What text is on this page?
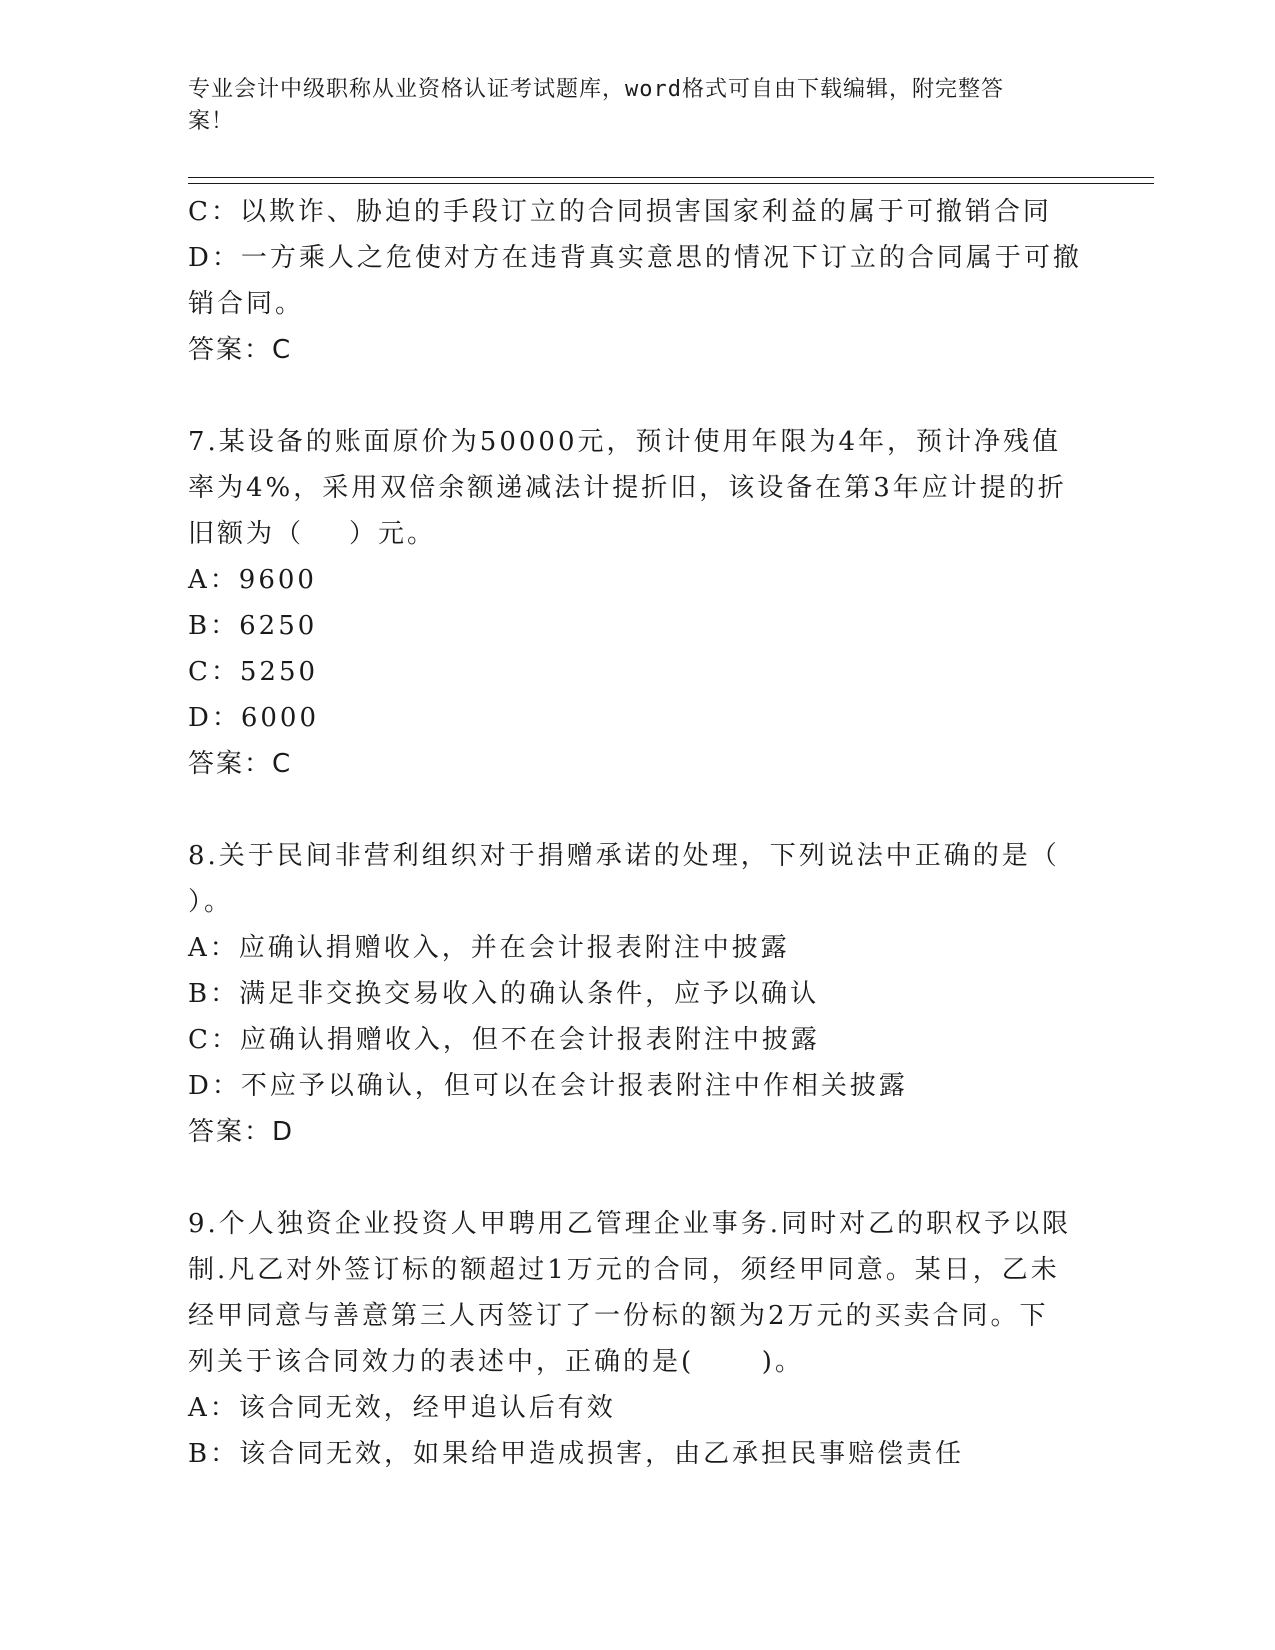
专业会计中级职称从业资格认证考试题库，word格式可自由下载编辑，附完整答
案！
C：以欺诈、胁迫的手段订立的合同损害国家利益的属于可撤销合同
D：一方乘人之危使对方在违背真实意思的情况下订立的合同属于可撤
销合同。
答案：C
7.某设备的账面原价为50000元，预计使用年限为4年，预计净残值
率为4%，采用双倍余额递减法计提折旧，该设备在第3年应计提的折
旧额为（    ）元。
A：9600
B：6250
C：5250
D：6000
答案：C
8.关于民间非营利组织对于捐赠承诺的处理，下列说法中正确的是（
）。
A：应确认捐赠收入，并在会计报表附注中披露
B：满足非交换交易收入的确认条件，应予以确认
C：应确认捐赠收入，但不在会计报表附注中披露
D：不应予以确认，但可以在会计报表附注中作相关披露
答案：D
9.个人独资企业投资人甲聘用乙管理企业事务.同时对乙的职权予以限
制.凡乙对外签订标的额超过1万元的合同，须经甲同意。某日，乙未
经甲同意与善意第三人丙签订了一份标的额为2万元的买卖合同。下
列关于该合同效力的表述中，正确的是(      )。
A：该合同无效，经甲追认后有效
B：该合同无效，如果给甲造成损害，由乙承担民事赔偿责任
